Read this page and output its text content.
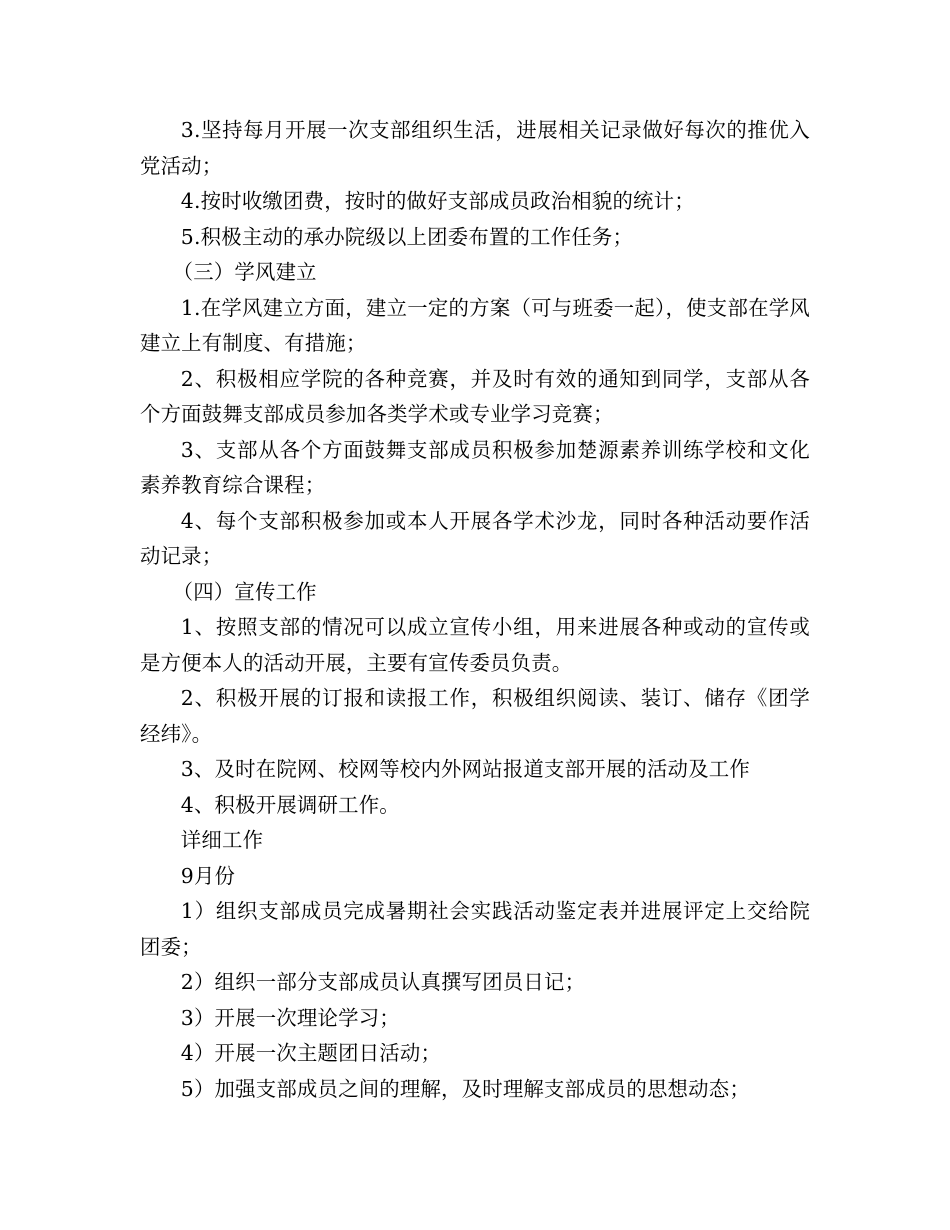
3.坚持每月开展一次支部组织生活，进展相关记录做好每次的推优入党活动；

4.按时收缴团费，按时的做好支部成员政治相貌的统计；

5.积极主动的承办院级以上团委布置的工作任务；

（三）学风建立

1.在学风建立方面，建立一定的方案（可与班委一起），使支部在学风建立上有制度、有措施；

2、积极相应学院的各种竞赛，并及时有效的通知到同学，支部从各个方面鼓舞支部成员参加各类学术或专业学习竞赛；

3、支部从各个方面鼓舞支部成员积极参加楚源素养训练学校和文化素养教育综合课程；

4、每个支部积极参加或本人开展各学术沙龙，同时各种活动要作活动记录；

（四）宣传工作

1、按照支部的情况可以成立宣传小组，用来进展各种或动的宣传或是方便本人的活动开展，主要有宣传委员负责。

2、积极开展的订报和读报工作，积极组织阅读、装订、储存《团学经纬》。

3、及时在院网、校网等校内外网站报道支部开展的活动及工作

4、积极开展调研工作。

详细工作

9月份

1）组织支部成员完成暑期社会实践活动鉴定表并进展评定上交给院团委；

2）组织一部分支部成员认真撰写团员日记；

3）开展一次理论学习；

4）开展一次主题团日活动；

5）加强支部成员之间的理解，及时理解支部成员的思想动态；
